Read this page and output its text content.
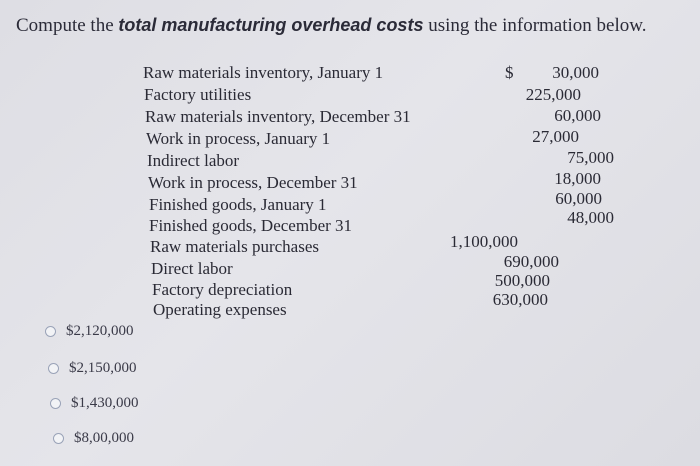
Compute the total manufacturing overhead costs using the information below.
Raw materials inventory, January 1
Factory utilities
Raw materials inventory, December 31
Work in process, January 1
Indirect labor
Work in process, December 31
Finished goods, January 1
Finished goods, December 31
Raw materials purchases
Direct labor
Factory depreciation
Operating expenses
$ 30,000
225,000
60,000
27,000
75,000
18,000
60,000
48,000
1,100,000
690,000
500,000
630,000
$2,120,000
$2,150,000
$1,430,000
$8,00,000
